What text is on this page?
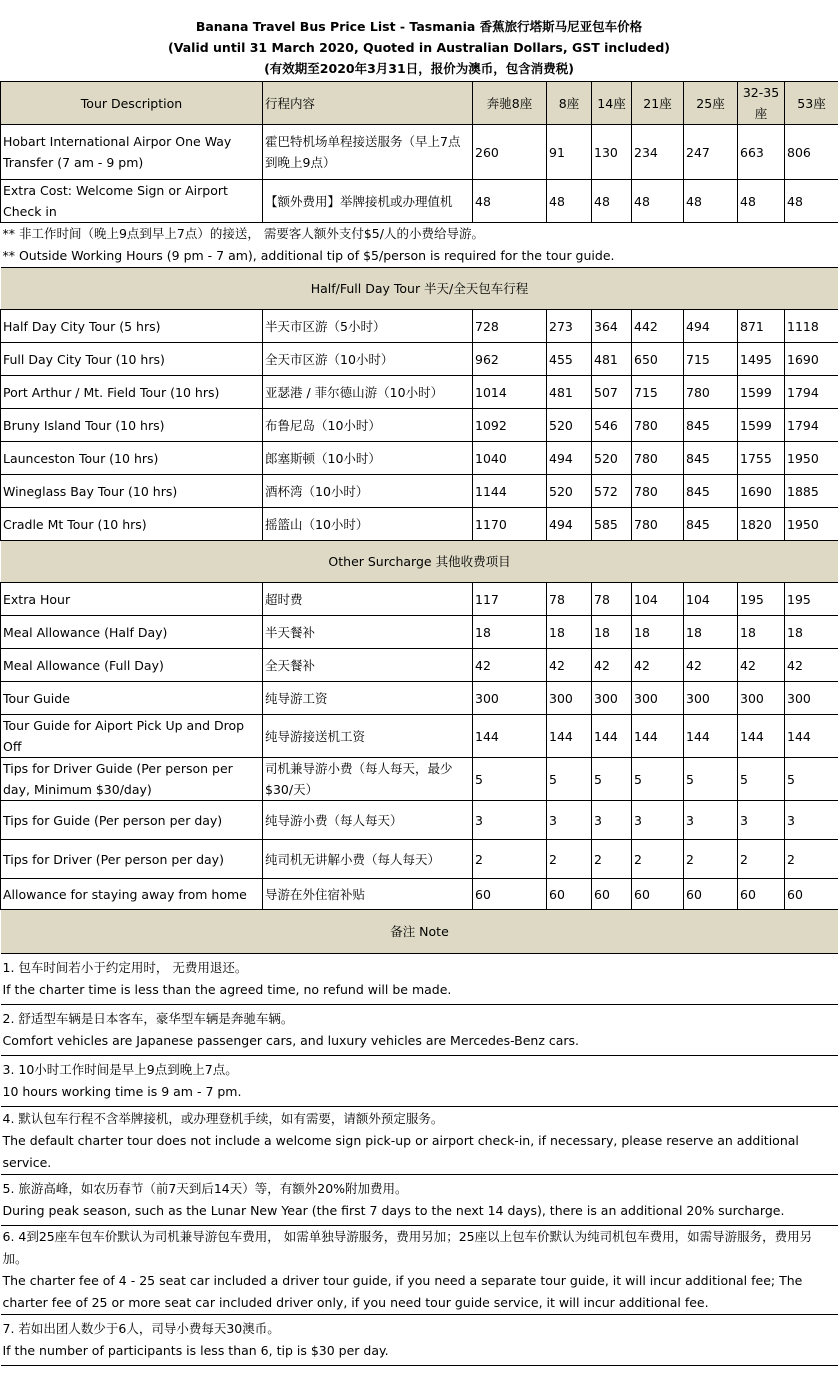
Banana Travel Bus Price List - Tasmania 香蕉旅行塔斯马尼亚包车价格
(Valid until 31 March 2020, Quoted in Australian Dollars, GST included)
(有效期至2020年3月31日，报价为澳币，包含消费税)
Tour Description	行程内容	奔驰8座	8座	14座	21座	25座	32-35座	53座
Hobart International Airpor One Way Transfer (7 am - 9 pm)	霍巴特机场单程接送服务（早上7点到晚上9点）	260	91	130	234	247	663	806
Extra Cost: Welcome Sign or Airport Check in	【额外费用】举牌接机或办理值机	48	48	48	48	48	48	48

** 非工作时间（晚上9点到早上7点）的接送， 需要客人额外支付$5/人的小费给导游。
** Outside Working Hours (9 pm - 7 am), additional tip of $5/person is required for the tour guide.								

Half/Full Day Tour 半天/全天包车行程								
Half Day City Tour (5 hrs)	半天市区游（5小时）	728	273	364	442	494	871	1118
Full Day City Tour (10 hrs)	全天市区游（10小时）	962	455	481	650	715	1495	1690
Port Arthur / Mt. Field Tour (10 hrs)	亚瑟港 / 菲尔德山游（10小时）	1014	481	507	715	780	1599	1794
Bruny Island Tour (10 hrs)	布鲁尼岛（10小时）	1092	520	546	780	845	1599	1794
Launceston Tour (10 hrs)	郎塞斯顿（10小时）	1040	494	520	780	845	1755	1950
Wineglass Bay Tour (10 hrs)	酒杯湾（10小时）	1144	520	572	780	845	1690	1885
Cradle Mt Tour (10 hrs)	摇篮山（10小时）	1170	494	585	780	845	1820	1950
Other Surcharge 其他收费项目								
Extra Hour	超时费	117	78	78	104	104	195	195
Meal Allowance (Half Day)	半天餐补	18	18	18	18	18	18	18
Meal Allowance (Full Day)	全天餐补	42	42	42	42	42	42	42
Tour Guide	纯导游工资	300	300	300	300	300	300	300
Tour Guide for Aiport Pick Up and Drop Off	纯导游接送机工资	144	144	144	144	144	144	144
Tips for Driver Guide (Per person per day, Minimum $30/day)	司机兼导游小费（每人每天，最少$30/天）	5	5	5	5	5	5	5
Tips for Guide (Per person per day)	纯导游小费（每人每天）	3	3	3	3	3	3	3
Tips for Driver (Per person per day)	纯司机无讲解小费（每人每天）	2	2	2	2	2	2	2
Allowance for staying away from home	导游在外住宿补贴	60	60	60	60	60	60	60
备注 Note								

1. 包车时间若小于约定用时， 无费用退还。
If the charter time is less than the agreed time, no refund will be made.								

2. 舒适型车辆是日本客车，豪华型车辆是奔驰车辆。
Comfort vehicles are Japanese passenger cars, and luxury vehicles are Mercedes-Benz cars.								

3. 10小时工作时间是早上9点到晚上7点。
10 hours working time is 9 am - 7 pm.								

4. 默认包车行程不含举牌接机，或办理登机手续，如有需要，请额外预定服务。
The default charter tour does not include a welcome sign pick-up or airport check-in, if necessary, please reserve an additional service.								

5. 旅游高峰，如农历春节（前7天到后14天）等，有额外20%附加费用。
During peak season, such as the Lunar New Year (the first 7 days to the next 14 days), there is an additional 20% surcharge.								

6. 4到25座车包车价默认为司机兼导游包车费用， 如需单独导游服务，费用另加；25座以上包车价默认为纯司机包车费用，如需导游服务，费用另加。
The charter fee of 4 - 25 seat car included a driver tour guide, if you need a separate tour guide, it will incur additional fee; The charter fee of 25 or more seat car included driver only, if you need tour guide service, it will incur additional fee.								

7. 若如出团人数少于6人，司导小费每天30澳币。
If the number of participants is less than 6, tip is $30 per day.								
